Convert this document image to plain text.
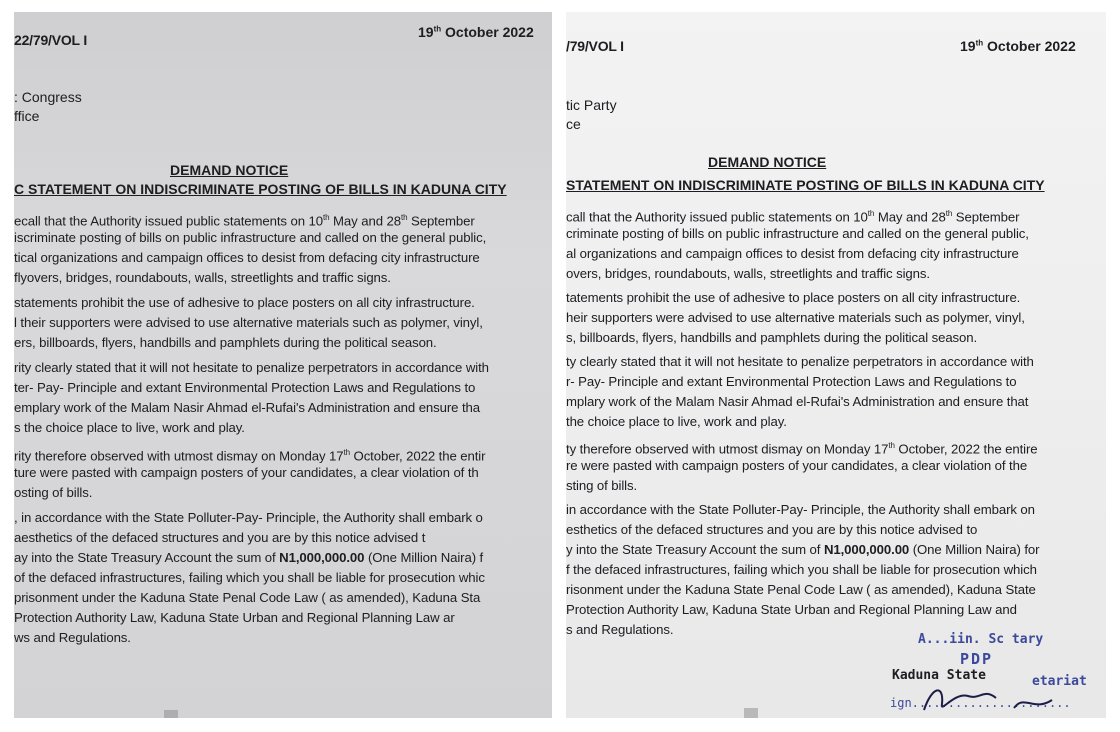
22/79/VOL I	19th October 2022
: Congress
ffice
DEMAND NOTICE
C STATEMENT ON INDISCRIMINATE POSTING OF BILLS IN KADUNA CITY
ecall that the Authority issued public statements on 10th May and 28th September
iscriminate posting of bills on public infrastructure and called on the general public,
tical organizations and campaign offices to desist from defacing city infrastructure
flyovers, bridges, roundabouts, walls, streetlights and traffic signs.
statements prohibit the use of adhesive to place posters on all city infrastructure.
l their supporters were advised to use alternative materials such as polymer, vinyl,
ers, billboards, flyers, handbills and pamphlets during the political season.
rity clearly stated that it will not hesitate to penalize perpetrators in accordance with
ter- Pay- Principle and extant Environmental Protection Laws and Regulations to
emplary work of the Malam Nasir Ahmad el-Rufai's Administration and ensure tha
s the choice place to live, work and play.
rity therefore observed with utmost dismay on Monday 17th October, 2022 the entir
ture were pasted with campaign posters of your candidates, a clear violation of th
osting of bills.
, in accordance with the State Polluter-Pay- Principle, the Authority shall embark o
aesthetics of the defaced structures and you are by this notice advised t
ay into the State Treasury Account the sum of N1,000,000.00 (One Million Naira) f
of the defaced infrastructures, failing which you shall be liable for prosecution whic
prisonment under the Kaduna State Penal Code Law ( as amended), Kaduna Sta
Protection Authority Law, Kaduna State Urban and Regional Planning Law ar
ws and Regulations.
/79/VOL I	19th October 2022
tic Party
ce
DEMAND NOTICE
STATEMENT ON INDISCRIMINATE POSTING OF BILLS IN KADUNA CITY
call that the Authority issued public statements on 10th May and 28th September
criminate posting of bills on public infrastructure and called on the general public,
al organizations and campaign offices to desist from defacing city infrastructure
overs, bridges, roundabouts, walls, streetlights and traffic signs.
tatements prohibit the use of adhesive to place posters on all city infrastructure.
heir supporters were advised to use alternative materials such as polymer, vinyl,
s, billboards, flyers, handbills and pamphlets during the political season.
ty clearly stated that it will not hesitate to penalize perpetrators in accordance with
r- Pay- Principle and extant Environmental Protection Laws and Regulations to
mplary work of the Malam Nasir Ahmad el-Rufai's Administration and ensure that
the choice place to live, work and play.
ty therefore observed with utmost dismay on Monday 17th October, 2022 the entire
re were pasted with campaign posters of your candidates, a clear violation of the
sting of bills.
in accordance with the State Polluter-Pay- Principle, the Authority shall embark on
esthetics of the defaced structures and you are by this notice advised to
y into the State Treasury Account the sum of N1,000,000.00 (One Million Naira) for
f the defaced infrastructures, failing which you shall be liable for prosecution which
risonment under the Kaduna State Penal Code Law ( as amended), Kaduna State
Protection Authority Law, Kaduna State Urban and Regional Planning Law and
s and Regulations.
A...iin. Sc tary
PDP
Kaduna State	etariat
ign......................
